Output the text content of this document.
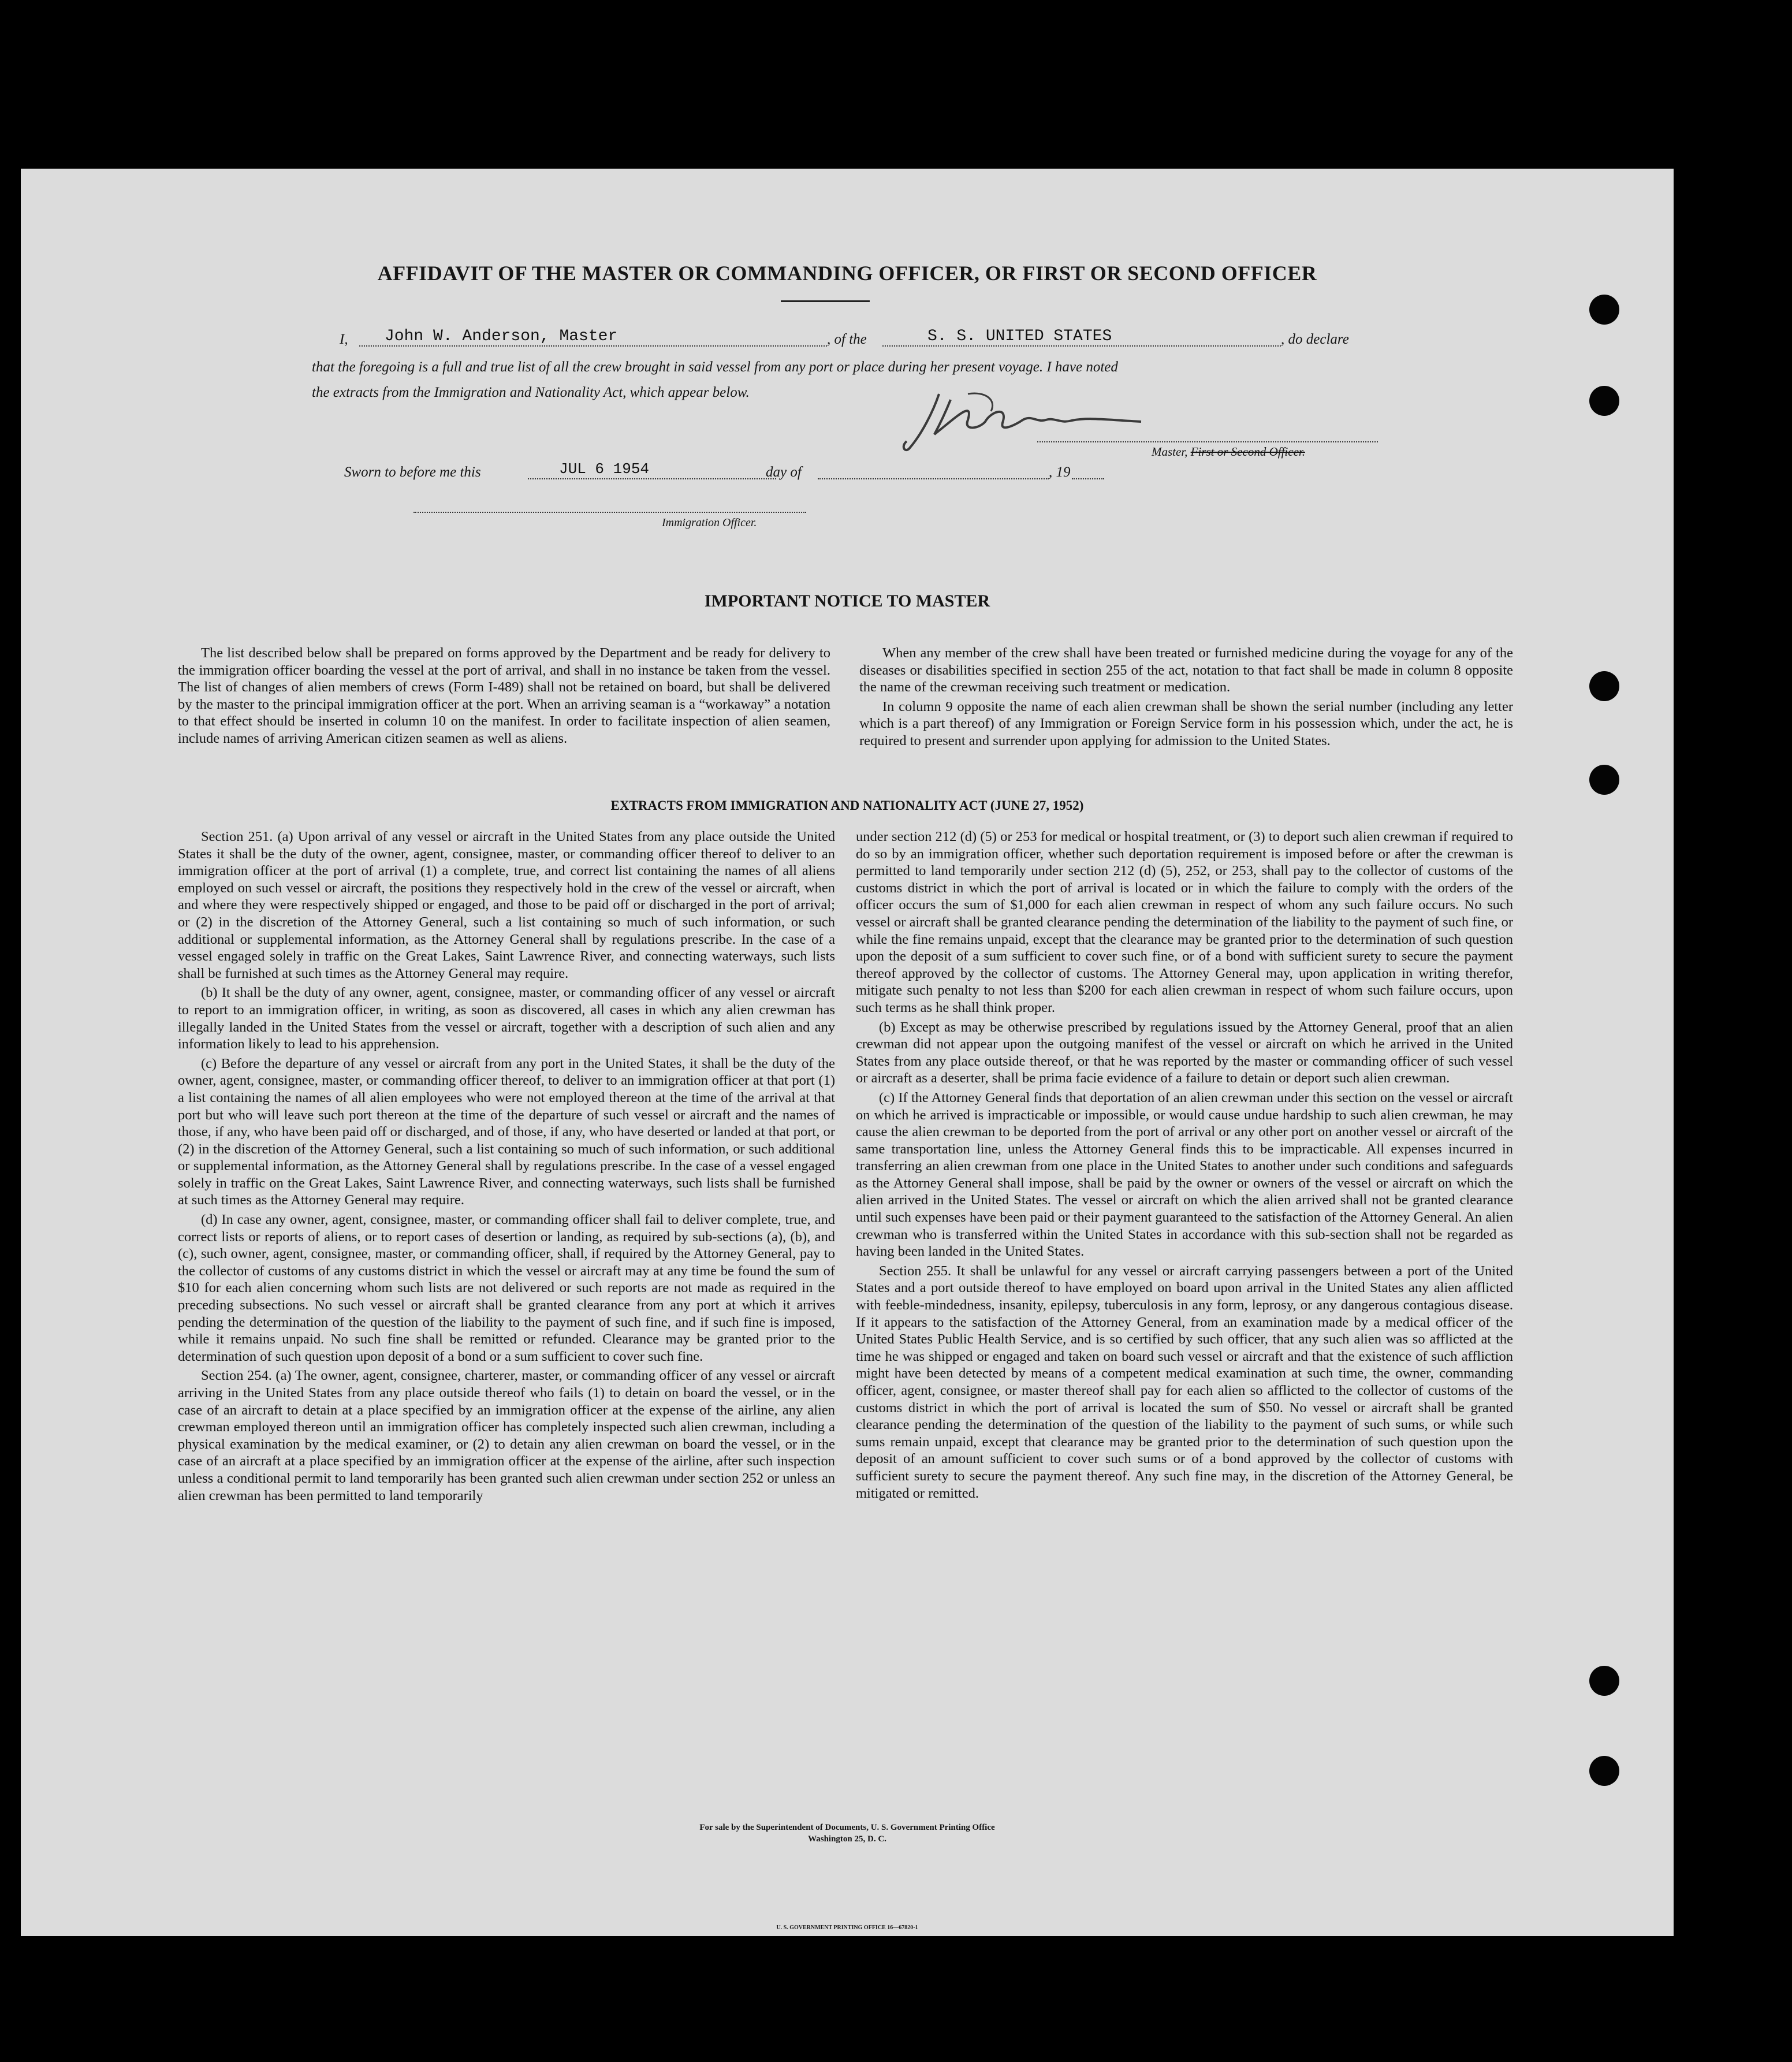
AFFIDAVIT OF THE MASTER OR COMMANDING OFFICER, OR FIRST OR SECOND OFFICER
I, John W. Anderson, Master	, of the	S. S. UNITED STATES	, do declare
that the foregoing is a full and true list of all the crew brought in said vessel from any port or place during her present voyage. I have noted
the extracts from the Immigration and Nationality Act, which appear below.
Master, First or Second Officer.
Sworn to before me this	JUL 6 1954	day of	, 19
Immigration Officer.
IMPORTANT NOTICE TO MASTER

The list described below shall be prepared on forms approved by the Department and be ready for delivery to the immigration officer boarding the vessel at the port of arrival, and shall in no instance be taken from the vessel. The list of changes of alien members of crews (Form I-489) shall not be retained on board, but shall be delivered by the master to the principal immigration officer at the port. When an arriving seaman is a “workaway” a notation to that effect should be inserted in column 10 on the manifest. In order to facilitate inspection of alien seamen, include names of arriving American citizen seamen as well as aliens.

When any member of the crew shall have been treated or furnished medicine during the voyage for any of the diseases or disabilities specified in section 255 of the act, notation to that fact shall be made in column 8 opposite the name of the crewman receiving such treatment or medication.

In column 9 opposite the name of each alien crewman shall be shown the serial number (including any letter which is a part thereof) of any Immigration or Foreign Service form in his possession which, under the act, he is required to present and surrender upon applying for admission to the United States.

EXTRACTS FROM IMMIGRATION AND NATIONALITY ACT (JUNE 27, 1952)

Section 251. (a) Upon arrival of any vessel or aircraft in the United States from any place outside the United States it shall be the duty of the owner, agent, consignee, master, or commanding officer thereof to deliver to an immigration officer at the port of arrival (1) a complete, true, and correct list containing the names of all aliens employed on such vessel or aircraft, the positions they respectively hold in the crew of the vessel or aircraft, when and where they were respectively shipped or engaged, and those to be paid off or discharged in the port of arrival; or (2) in the discretion of the Attorney General, such a list containing so much of such information, or such additional or supplemental information, as the Attorney General shall by regulations prescribe. In the case of a vessel engaged solely in traffic on the Great Lakes, Saint Lawrence River, and connecting waterways, such lists shall be furnished at such times as the Attorney General may require.

(b) It shall be the duty of any owner, agent, consignee, master, or commanding officer of any vessel or aircraft to report to an immigration officer, in writing, as soon as discovered, all cases in which any alien crewman has illegally landed in the United States from the vessel or aircraft, together with a description of such alien and any information likely to lead to his apprehension.

(c) Before the departure of any vessel or aircraft from any port in the United States, it shall be the duty of the owner, agent, consignee, master, or commanding officer thereof, to deliver to an immigration officer at that port (1) a list containing the names of all alien employees who were not employed thereon at the time of the arrival at that port but who will leave such port thereon at the time of the departure of such vessel or aircraft and the names of those, if any, who have been paid off or discharged, and of those, if any, who have deserted or landed at that port, or (2) in the discretion of the Attorney General, such a list containing so much of such information, or such additional or supplemental information, as the Attorney General shall by regulations prescribe. In the case of a vessel engaged solely in traffic on the Great Lakes, Saint Lawrence River, and connecting waterways, such lists shall be furnished at such times as the Attorney General may require.

(d) In case any owner, agent, consignee, master, or commanding officer shall fail to deliver complete, true, and correct lists or reports of aliens, or to report cases of desertion or landing, as required by sub-sections (a), (b), and (c), such owner, agent, consignee, master, or commanding officer, shall, if required by the Attorney General, pay to the collector of customs of any customs district in which the vessel or aircraft may at any time be found the sum of $10 for each alien concerning whom such lists are not delivered or such reports are not made as required in the preceding subsections. No such vessel or aircraft shall be granted clearance from any port at which it arrives pending the determination of the question of the liability to the payment of such fine, and if such fine is imposed, while it remains unpaid. No such fine shall be remitted or refunded. Clearance may be granted prior to the determination of such question upon deposit of a bond or a sum sufficient to cover such fine.

Section 254. (a) The owner, agent, consignee, charterer, master, or commanding officer of any vessel or aircraft arriving in the United States from any place outside thereof who fails (1) to detain on board the vessel, or in the case of an aircraft to detain at a place specified by an immigration officer at the expense of the airline, any alien crewman employed thereon until an immigration officer has completely inspected such alien crewman, including a physical examination by the medical examiner, or (2) to detain any alien crewman on board the vessel, or in the case of an aircraft at a place specified by an immigration officer at the expense of the airline, after such inspection unless a conditional permit to land temporarily has been granted such alien crewman under section 252 or unless an alien crewman has been permitted to land temporarily

under section 212 (d) (5) or 253 for medical or hospital treatment, or (3) to deport such alien crewman if required to do so by an immigration officer, whether such deportation requirement is imposed before or after the crewman is permitted to land temporarily under section 212 (d) (5), 252, or 253, shall pay to the collector of customs of the customs district in which the port of arrival is located or in which the failure to comply with the orders of the officer occurs the sum of $1,000 for each alien crewman in respect of whom any such failure occurs. No such vessel or aircraft shall be granted clearance pending the determination of the liability to the payment of such fine, or while the fine remains unpaid, except that the clearance may be granted prior to the determination of such question upon the deposit of a sum sufficient to cover such fine, or of a bond with sufficient surety to secure the payment thereof approved by the collector of customs. The Attorney General may, upon application in writing therefor, mitigate such penalty to not less than $200 for each alien crewman in respect of whom such failure occurs, upon such terms as he shall think proper.

(b) Except as may be otherwise prescribed by regulations issued by the Attorney General, proof that an alien crewman did not appear upon the outgoing manifest of the vessel or aircraft on which he arrived in the United States from any place outside thereof, or that he was reported by the master or commanding officer of such vessel or aircraft as a deserter, shall be prima facie evidence of a failure to detain or deport such alien crewman.

(c) If the Attorney General finds that deportation of an alien crewman under this section on the vessel or aircraft on which he arrived is impracticable or impossible, or would cause undue hardship to such alien crewman, he may cause the alien crewman to be deported from the port of arrival or any other port on another vessel or aircraft of the same transportation line, unless the Attorney General finds this to be impracticable. All expenses incurred in transferring an alien crewman from one place in the United States to another under such conditions and safeguards as the Attorney General shall impose, shall be paid by the owner or owners of the vessel or aircraft on which the alien arrived in the United States. The vessel or aircraft on which the alien arrived shall not be granted clearance until such expenses have been paid or their payment guaranteed to the satisfaction of the Attorney General. An alien crewman who is transferred within the United States in accordance with this sub-section shall not be regarded as having been landed in the United States.

Section 255. It shall be unlawful for any vessel or aircraft carrying passengers between a port of the United States and a port outside thereof to have employed on board upon arrival in the United States any alien afflicted with feeble-mindedness, insanity, epilepsy, tuberculosis in any form, leprosy, or any dangerous contagious disease. If it appears to the satisfaction of the Attorney General, from an examination made by a medical officer of the United States Public Health Service, and is so certified by such officer, that any such alien was so afflicted at the time he was shipped or engaged and taken on board such vessel or aircraft and that the existence of such affliction might have been detected by means of a competent medical examination at such time, the owner, commanding officer, agent, consignee, or master thereof shall pay for each alien so afflicted to the collector of customs of the customs district in which the port of arrival is located the sum of $50. No vessel or aircraft shall be granted clearance pending the determination of the question of the liability to the payment of such sums, or while such sums remain unpaid, except that clearance may be granted prior to the determination of such question upon the deposit of an amount sufficient to cover such sums or of a bond approved by the collector of customs with sufficient surety to secure the payment thereof. Any such fine may, in the discretion of the Attorney General, be mitigated or remitted.

U. S. GOVERNMENT PRINTING OFFICE 16—67820-1
For sale by the Superintendent of Documents, U. S. Government Printing Office
Washington 25, D. C.
